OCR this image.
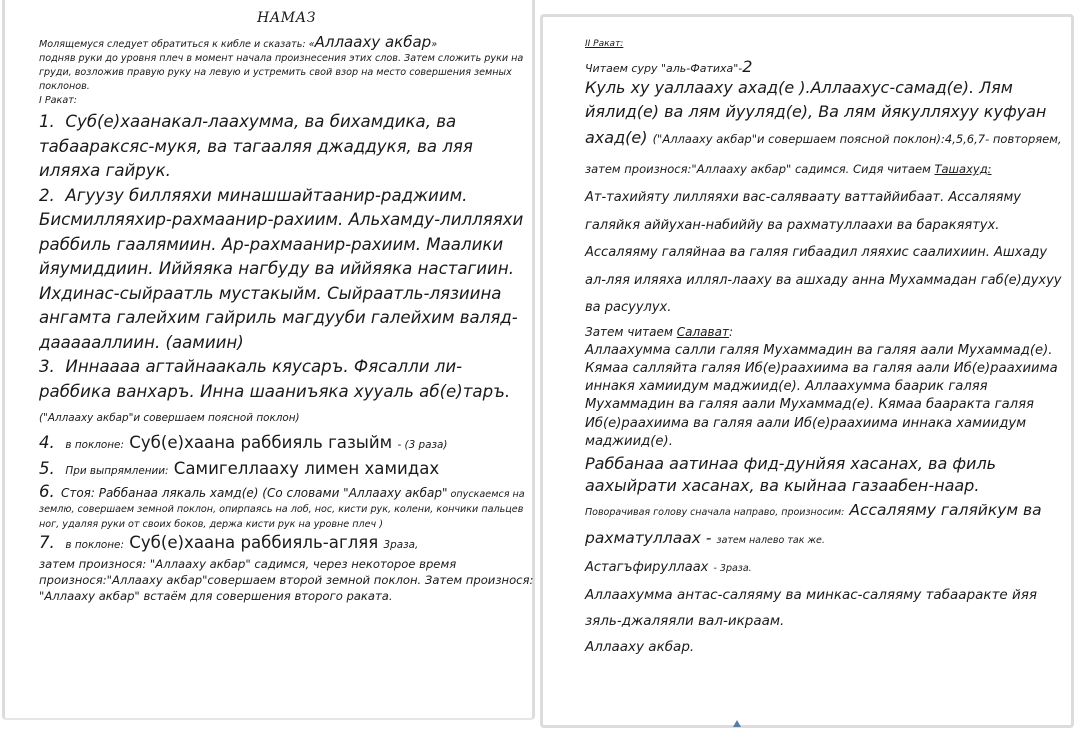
НАМАЗ

Молящемуся следует обратиться к кибле и сказать: «Аллааху акбар»

подняв руки до уровня плеч в момент начала произнесения этих слов. Затем сложить руки на груди, возложив правую руку на левую и устремить свой взор на место совершения земных поклонов.

I Ракат:

1. Суб(е)хаанакал-лаахумма, ва бихамдика, ва табаараксяс-мукя, ва тагааляя джаддукя, ва ляя иляяха гайрук.

2. Агуузу билляяхи минашшайтаанир-раджиим. Бисмилляяхир-рахмаанир-рахиим. Альхамду-лилляяхи раббиль гаалямиин. Ар-рахмаанир-рахиим. Маалики йяумиддиин. Иййяяка нагбуду ва иййяяка настагиин. Ихдинас-сыйраатль мустакыйм. Сыйраатль-лязиина ангамта галейхим гайриль магдууби галейхим валяд-даааааллиин. (аамиин)

3. Иннаааа агтайнаакаль кяусаръ. Фясалли ли-раббика ванхаръ. Инна шааниъяка хууаль аб(е)таръ. ("Аллааху акбар"и совершаем поясной поклон)

4. в поклоне: Суб(е)хаана раббияль газыйм - (3 раза)

5. При выпрямлении: Самигеллааху лимен хамидах

6. Стоя: Раббанаа лякаль хамд(е) (Со словами "Аллааху акбар" опускаемся на землю, совершаем земной поклон, опирпаясь на лоб, нос, кисти рук, колени, кончики пальцев ног, удаляя руки от своих боков, держа кисти рук на уровне плеч )

7. в поклоне: Суб(е)хаана раббияль-агляя 3раза,

затем произнося: "Аллааху акбар" садимся, через некоторое время произнося:"Аллааху акбар"совершаем второй земной поклон. Затем произнося: "Аллааху акбар" встаём для совершения второго раката.

II Ракат:

Читаем суру "аль-Фатиха"-2

Куль ху уаллааху ахад(е ).Аллаахус-самад(е). Лям йялид(е) ва лям йууляд(е), Ва лям йякулляхуу куфуан ахад(е) ("Аллааху акбар"и совершаем поясной поклон):4,5,6,7- повторяем, затем произнося:"Аллааху акбар" садимся. Сидя читаем Ташахуд:

Ат-тахийяту лилляяхи вас-салявaату ваттаййибаат. Ассаляяму галяйкя аййухан-набиййу ва рахматуллаахи ва баракяятух. Ассаляяму галяйнаа ва галяя гибаадил ляяхис саалихиин. Ашхаду ал-ляя иляяха иллял-лааху ва ашхаду анна Мухаммадан габ(е)духуу ва расуулух.

Затем читаем Салават:

Аллаахумма салли галяя Мухаммадин ва галяя аали Мухаммад(е). Кямаа салляйта галяя Иб(е)раахиима ва галяя аали Иб(е)раахиима иннакя хамиидум маджиид(е). Аллаахумма баарик галяя Мухаммадин ва галяя аали Мухаммад(е). Кямаа баарaкта галяя Иб(е)раахиима ва галяя аали Иб(е)раахиима иннака хамиидум маджиид(е).

Раббанаа аатинаа фид-дунйяя хасанах, ва филь аахыйрати хасанах, ва кыйнаа газаабен-наар.

Поворачивая голову сначала направо, произносим: Ассаляяму галяйкум ва рахматуллаах - затем налево так же.

Астагъфируллаах - 3раза.

Аллаахумма антас-саляяму ва минкас-саляяму табаaракте йяя зяль-джаляяли вал-икраам.

Аллааху акбар.
